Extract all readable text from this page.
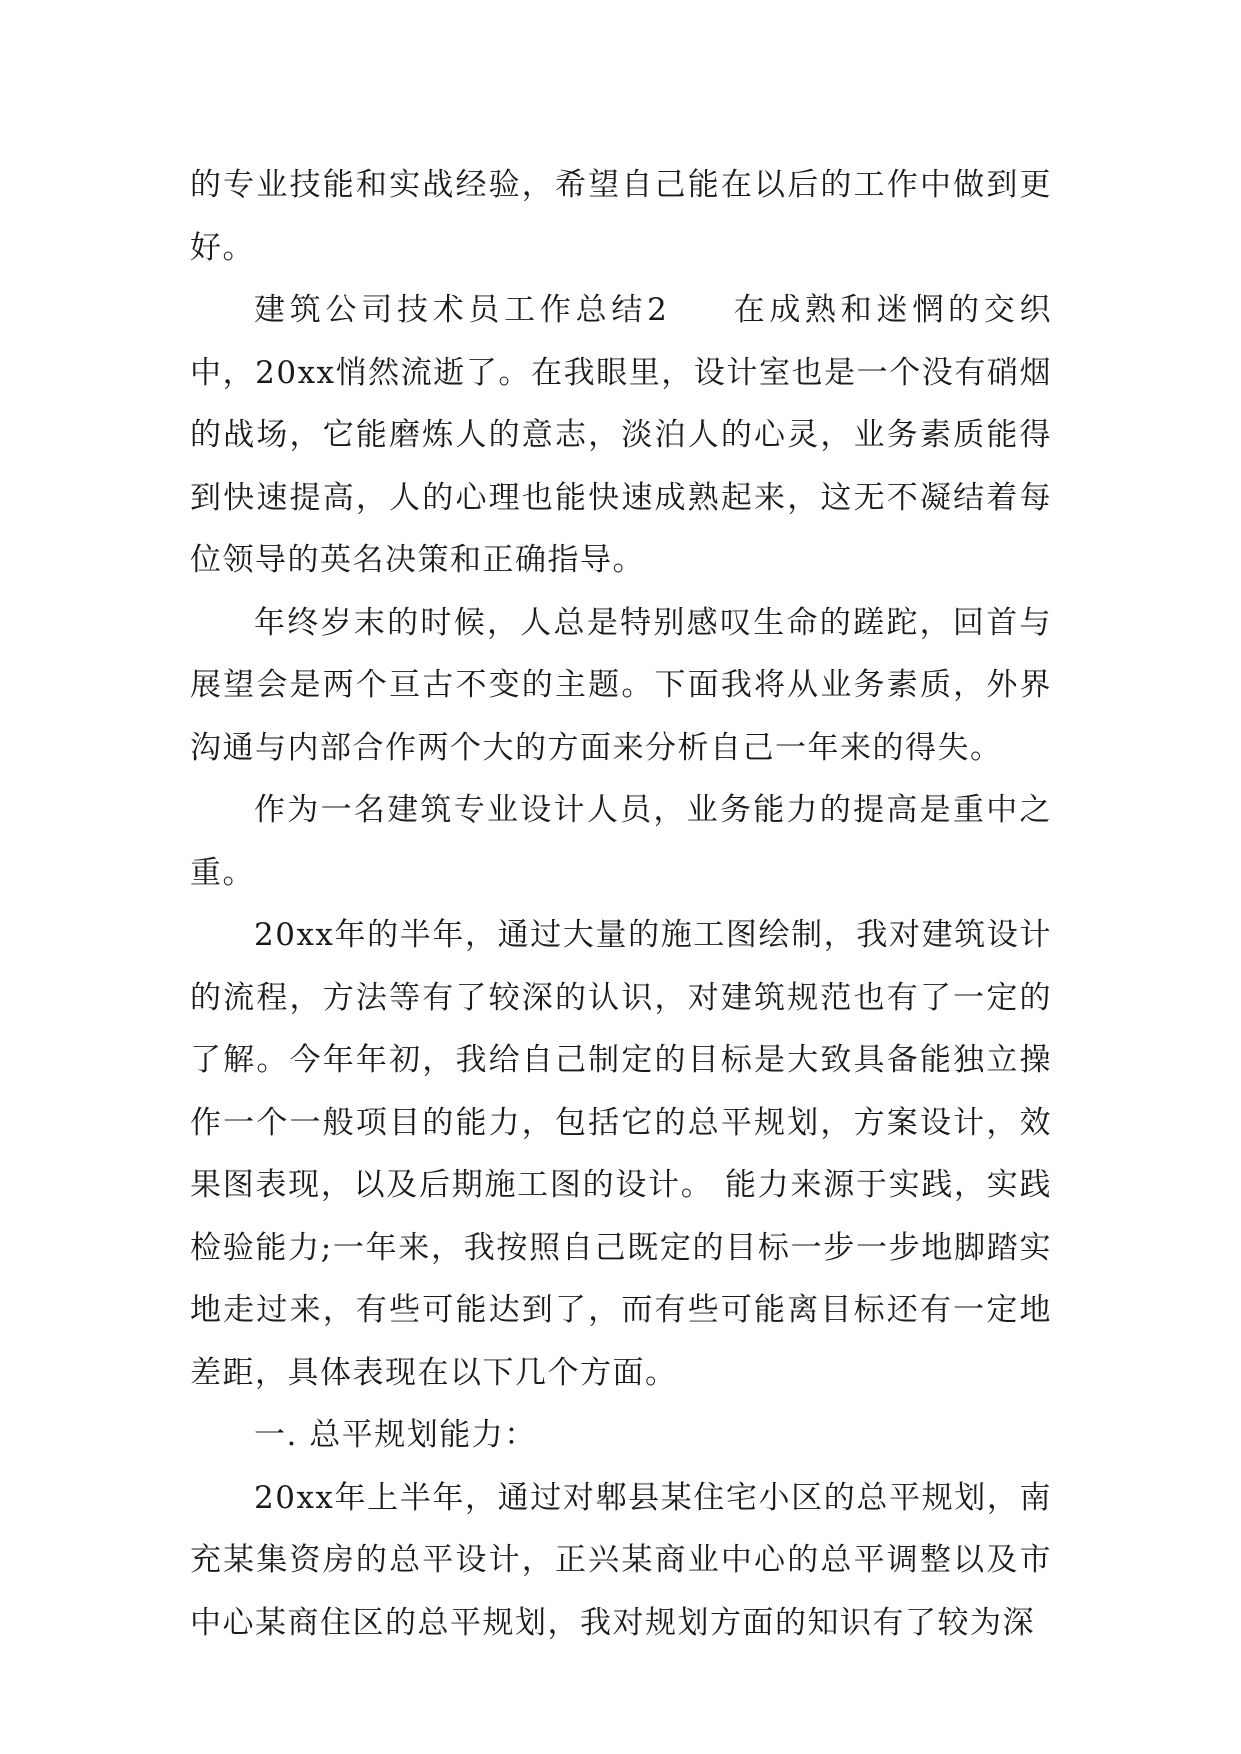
的专业技能和实战经验，希望自己能在以后的工作中做到更好。

建筑公司技术员工作总结2 在成熟和迷惘的交织中，20xx悄然流逝了。在我眼里，设计室也是一个没有硝烟的战场，它能磨炼人的意志，淡泊人的心灵，业务素质能得到快速提高，人的心理也能快速成熟起来，这无不凝结着每位领导的英名决策和正确指导。

年终岁末的时候，人总是特别感叹生命的蹉跎，回首与展望会是两个亘古不变的主题。下面我将从业务素质，外界沟通与内部合作两个大的方面来分析自己一年来的得失。

作为一名建筑专业设计人员，业务能力的提高是重中之重。

20xx年的半年，通过大量的施工图绘制，我对建筑设计的流程，方法等有了较深的认识，对建筑规范也有了一定的了解。今年年初，我给自己制定的目标是大致具备能独立操作一个一般项目的能力，包括它的总平规划，方案设计，效果图表现，以及后期施工图的设计。 能力来源于实践，实践检验能力;一年来，我按照自己既定的目标一步一步地脚踏实地走过来，有些可能达到了，而有些可能离目标还有一定地差距，具体表现在以下几个方面。

一. 总平规划能力：

20xx年上半年，通过对郫县某住宅小区的总平规划，南充某集资房的总平设计，正兴某商业中心的总平调整以及市中心某商住区的总平规划，我对规划方面的知识有了较为深
